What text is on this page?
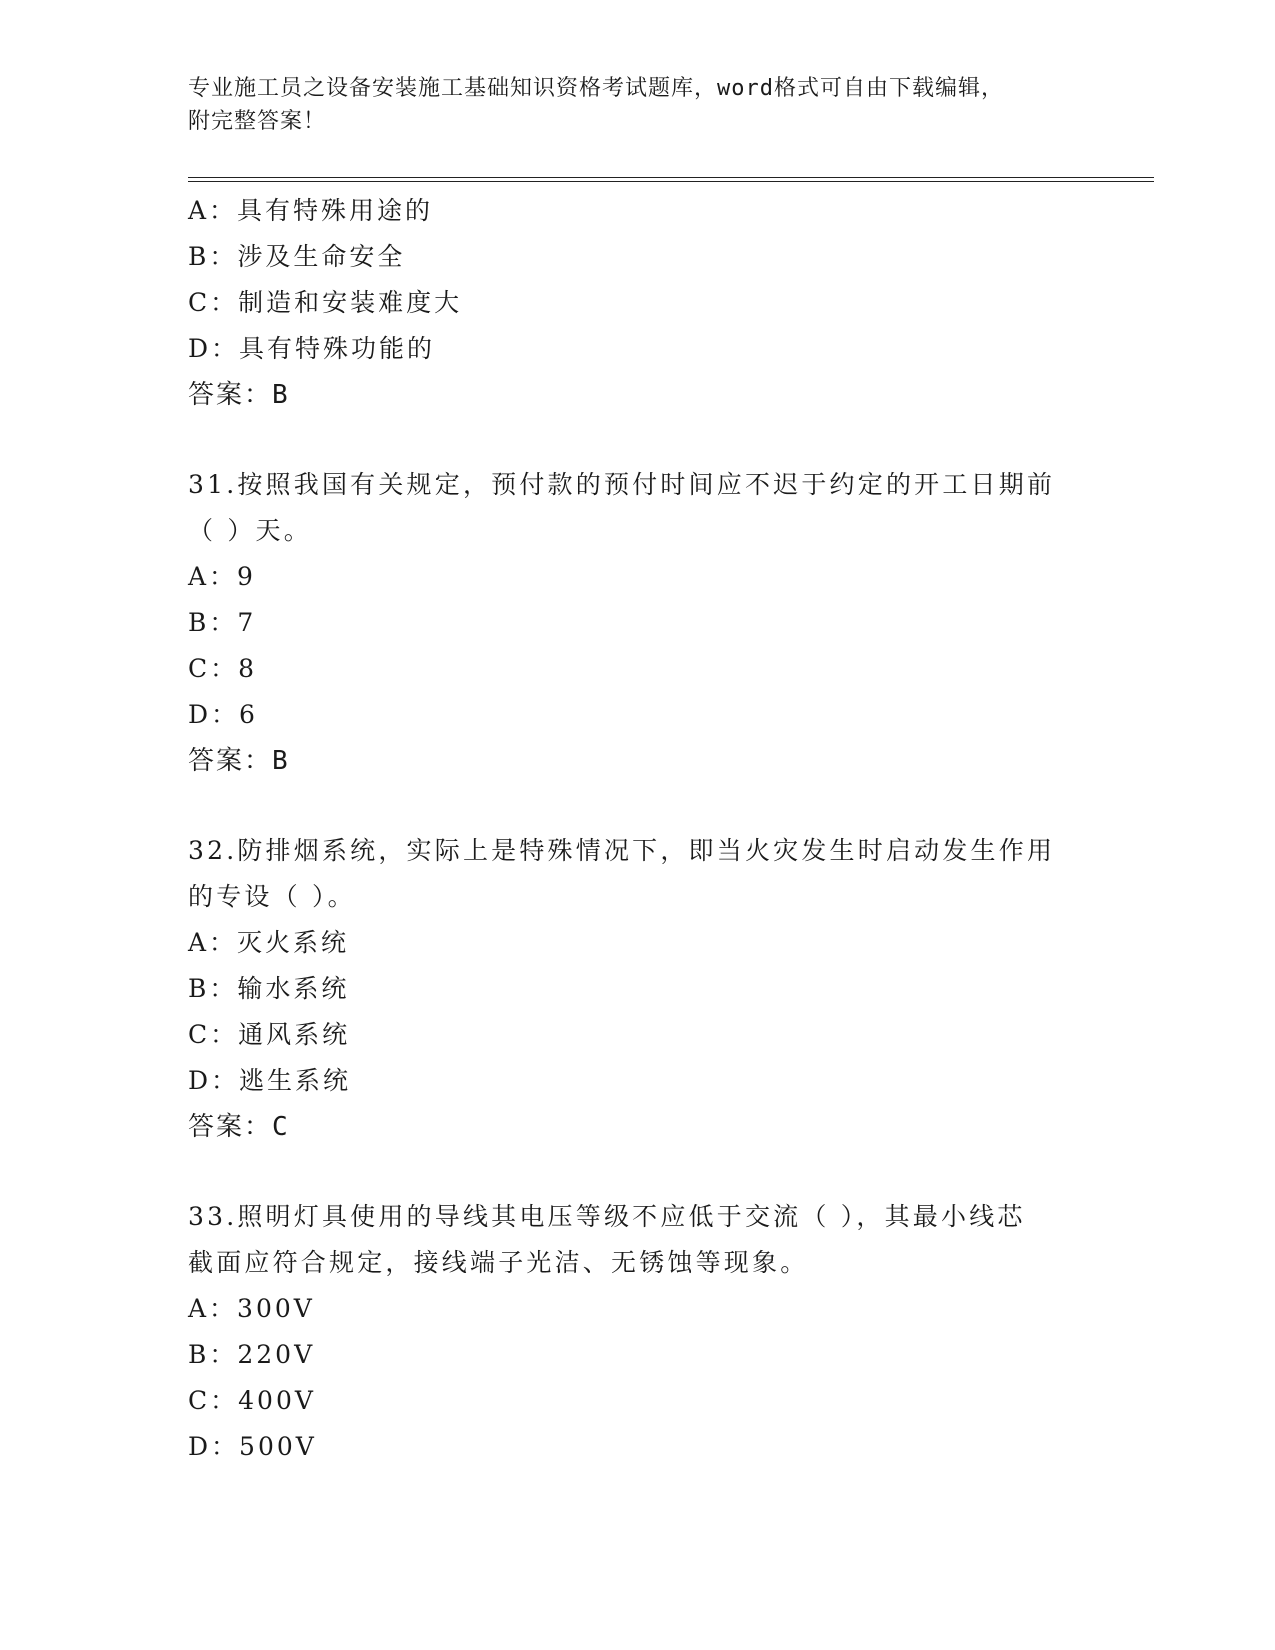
专业施工员之设备安装施工基础知识资格考试题库，word格式可自由下载编辑，
附完整答案！
A：具有特殊用途的
B：涉及生命安全
C：制造和安装难度大
D：具有特殊功能的
答案：B
31.按照我国有关规定，预付款的预付时间应不迟于约定的开工日期前
（ ）天。
A：9
B：7
C：8
D：6
答案：B
32.防排烟系统，实际上是特殊情况下，即当火灾发生时启动发生作用
的专设（ ）。
A：灭火系统
B：输水系统
C：通风系统
D：逃生系统
答案：C
33.照明灯具使用的导线其电压等级不应低于交流（ ），其最小线芯
截面应符合规定，接线端子光洁、无锈蚀等现象。
A：300V
B：220V
C：400V
D：500V
